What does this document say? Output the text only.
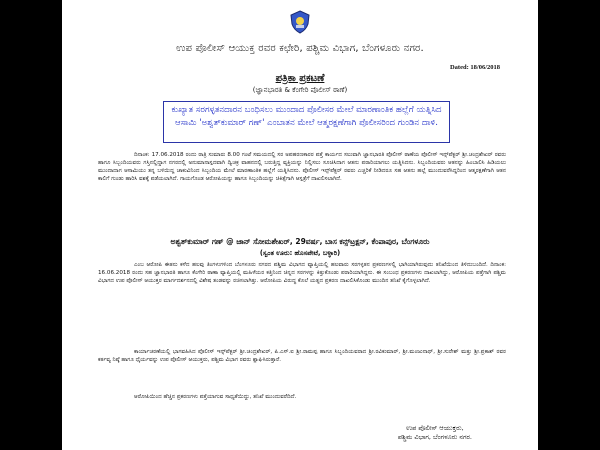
ಉಪ ಪೊಲೀಸ್ ಆಯುಕ್ತ ರವರ ಕಛೇರಿ, ಪಶ್ಚಿಮ ವಿಭಾಗ, ಬೆಂಗಳೂರು ನಗರ.
Dated: 18/06/2018
ಪತ್ರಿಕಾ ಪ್ರಕಟಣೆ
(ಜ್ಞಾನಭಾರತಿ & ಕೆಂಗೇರಿ ಪೊಲೀಸ್ ಠಾಣೆ)
ಕುಖ್ಯಾತ ಸರಗಳ್ಳತನದಾರನ ಬಂಧಿಸಲು ಮುಂದಾದ ಪೊಲೀಸರ ಮೇಲೆ ಮಾರಣಾಂತಿಕ ಹಲ್ಲೆಗೆ ಯತ್ನಿಸಿದ ಆಸಾಮಿ 'ಅಶ್ವತ್‌ಕುಮಾರ್ ಗಣ್' ಎಂಬಾತನ ಮೇಲೆ ಆತ್ಮರಕ್ಷಣೆಗಾಗಿ ಪೊಲೀಸರಿಂದ ಗುಂಡಿನ ದಾಳಿ.
ದಿನಾಂಕ: 17.06.2018 ರಂದು ರಾತ್ರಿ ಸುಮಾರು 8.00 ಗಂಟೆ ಸಮಯದಲ್ಲಿ ಸರ ಅಪಹರಣಕಾರರ ಪತ್ತೆ ಕಾರ್ಯದ ಸಲುವಾಗಿ ಜ್ಞಾನಭಾರತಿ ಪೊಲೀಸ್ ಠಾಣೆಯ ಪೊಲೀಸ್ ಇನ್ಸ್‌ಪೆಕ್ಟರ್ ಶ್ರೀ.ಚಂದ್ರಶೇಖರ್ ರವರು ಹಾಗೂ ಸಿಬ್ಬಂದಿಯವರು ಗಸ್ತಿನಲ್ಲಿದ್ದಾಗ ನಗರದಲ್ಲಿ ಅನುಮಾನಾಸ್ಪದವಾಗಿ ದ್ವಿಚಕ್ರ ವಾಹನದಲ್ಲಿ ಬರುತ್ತಿದ್ದ ವ್ಯಕ್ತಿಯನ್ನು ನಿಲ್ಲಿಸಲು ಸೂಚಿಸಿದಾಗ ಆತನು ಪರಾರಿಯಾಗಲು ಯತ್ನಿಸಿದನು. ಸಿಬ್ಬಂದಿಯವರು ಆತನನ್ನು ಹಿಂಬಾಲಿಸಿ ಹಿಡಿಯಲು ಮುಂದಾದಾಗ ಆಸಾಮಿಯು ತನ್ನ ಬಳಿಯಿದ್ದ ಚಾಕುವಿನಿಂದ ಸಿಬ್ಬಂದಿಯ ಮೇಲೆ ಮಾರಣಾಂತಿಕ ಹಲ್ಲೆಗೆ ಯತ್ನಿಸಿದನು. ಪೊಲೀಸ್ ಇನ್ಸ್‌ಪೆಕ್ಟರ್ ರವರು ಎಚ್ಚರಿಕೆ ನೀಡಿದರೂ ಸಹ ಆತನು ಹಲ್ಲೆ ಮುಂದುವರೆಸಿದ್ದರಿಂದ ಆತ್ಮರಕ್ಷಣೆಗಾಗಿ ಆತನ ಕಾಲಿಗೆ ಗುಂಡು ಹಾರಿಸಿ ವಶಕ್ಕೆ ಪಡೆಯಲಾಗಿದೆ. ಗಾಯಗೊಂಡ ಆರೋಪಿಯನ್ನು ಹಾಗೂ ಸಿಬ್ಬಂದಿಯನ್ನು ಚಿಕಿತ್ಸೆಗಾಗಿ ಆಸ್ಪತ್ರೆಗೆ ದಾಖಲಿಸಲಾಗಿದೆ.
ಅಶ್ವತ್‌ಕುಮಾರ್ ಗಣ್ @ ಜಾನ್ ಸೋಮಶೇಖರ್, 29ವರ್ಷ, ಬಾಸ ಕನ್ಸ್‌ಟ್ರಕ್ಷನ್, ಕೆಂಪಾಪುರ, ಬೆಂಗಳೂರು
(ಸ್ವಂತ ಊರು: ಹೊಸಪೇಟೆ, ಬಳ್ಳಾರಿ)
ಎಂಬ ಆರೋಪಿ ಈತನು ಕಳೆದ ಹಲವು ತಿಂಗಳುಗಳಿಂದ ಬೆಂಗಳೂರು ನಗರದ ಪಶ್ಚಿಮ ವಿಭಾಗದ ವ್ಯಾಪ್ತಿಯಲ್ಲಿ ಹಲವಾರು ಸರಗಳ್ಳತನ ಪ್ರಕರಣಗಳಲ್ಲಿ ಭಾಗಿಯಾಗಿರುವುದು ತನಿಖೆಯಿಂದ ತಿಳಿದುಬಂದಿದೆ. ದಿನಾಂಕ: 16.06.2018 ರಂದು ಸಹ ಜ್ಞಾನಭಾರತಿ ಹಾಗೂ ಕೆಂಗೇರಿ ಠಾಣಾ ವ್ಯಾಪ್ತಿಯಲ್ಲಿ ಮಹಿಳೆಯರ ಕತ್ತಿನಿಂದ ಚಿನ್ನದ ಸರಗಳನ್ನು ಕಿತ್ತುಕೊಂಡು ಪರಾರಿಯಾಗಿದ್ದನು. ಈ ಸಂಬಂಧ ಪ್ರಕರಣಗಳು ದಾಖಲಾಗಿದ್ದು, ಆರೋಪಿಯ ಪತ್ತೆಗಾಗಿ ಪಶ್ಚಿಮ ವಿಭಾಗದ ಉಪ ಪೊಲೀಸ್ ಆಯುಕ್ತರ ಮಾರ್ಗದರ್ಶನದಲ್ಲಿ ವಿಶೇಷ ತಂಡವನ್ನು ರಚಿಸಲಾಗಿತ್ತು. ಆರೋಪಿಯ ವಿರುದ್ಧ ಕೊಲೆ ಯತ್ನದ ಪ್ರಕರಣ ದಾಖಲಿಸಿಕೊಂಡು ಮುಂದಿನ ತನಿಖೆ ಕೈಗೊಳ್ಳಲಾಗಿದೆ.
ಕಾರ್ಯಾಚರಣೆಯಲ್ಲಿ ಭಾಗವಹಿಸಿದ ಪೊಲೀಸ್ ಇನ್ಸ್‌ಪೆಕ್ಟರ್ ಶ್ರೀ.ಚಂದ್ರಶೇಖರ್, ಪಿ.ಎಸ್.ಐ ಶ್ರೀ.ರಾಮಪ್ಪ ಹಾಗೂ ಸಿಬ್ಬಂದಿಯವರಾದ ಶ್ರೀ.ರವಿಕುಮಾರ್, ಶ್ರೀ.ಮಂಜುನಾಥ್, ಶ್ರೀ.ಸುರೇಶ್ ಮತ್ತು ಶ್ರೀ.ಪ್ರಕಾಶ್ ರವರ ಕರ್ತವ್ಯ ನಿಷ್ಠೆ ಹಾಗೂ ಧೈರ್ಯವನ್ನು ಉಪ ಪೊಲೀಸ್ ಆಯುಕ್ತರು, ಪಶ್ಚಿಮ ವಿಭಾಗ ರವರು ಶ್ಲಾಘಿಸಿರುತ್ತಾರೆ.
ಆರೋಪಿಯಿಂದ ಹೆಚ್ಚಿನ ಪ್ರಕರಣಗಳು ಪತ್ತೆಯಾಗುವ ಸಾಧ್ಯತೆಯಿದ್ದು, ತನಿಖೆ ಮುಂದುವರೆದಿದೆ.
ಉಪ ಪೊಲೀಸ್ ಆಯುಕ್ತರು,
ಪಶ್ಚಿಮ ವಿಭಾಗ, ಬೆಂಗಳೂರು ನಗರ.
